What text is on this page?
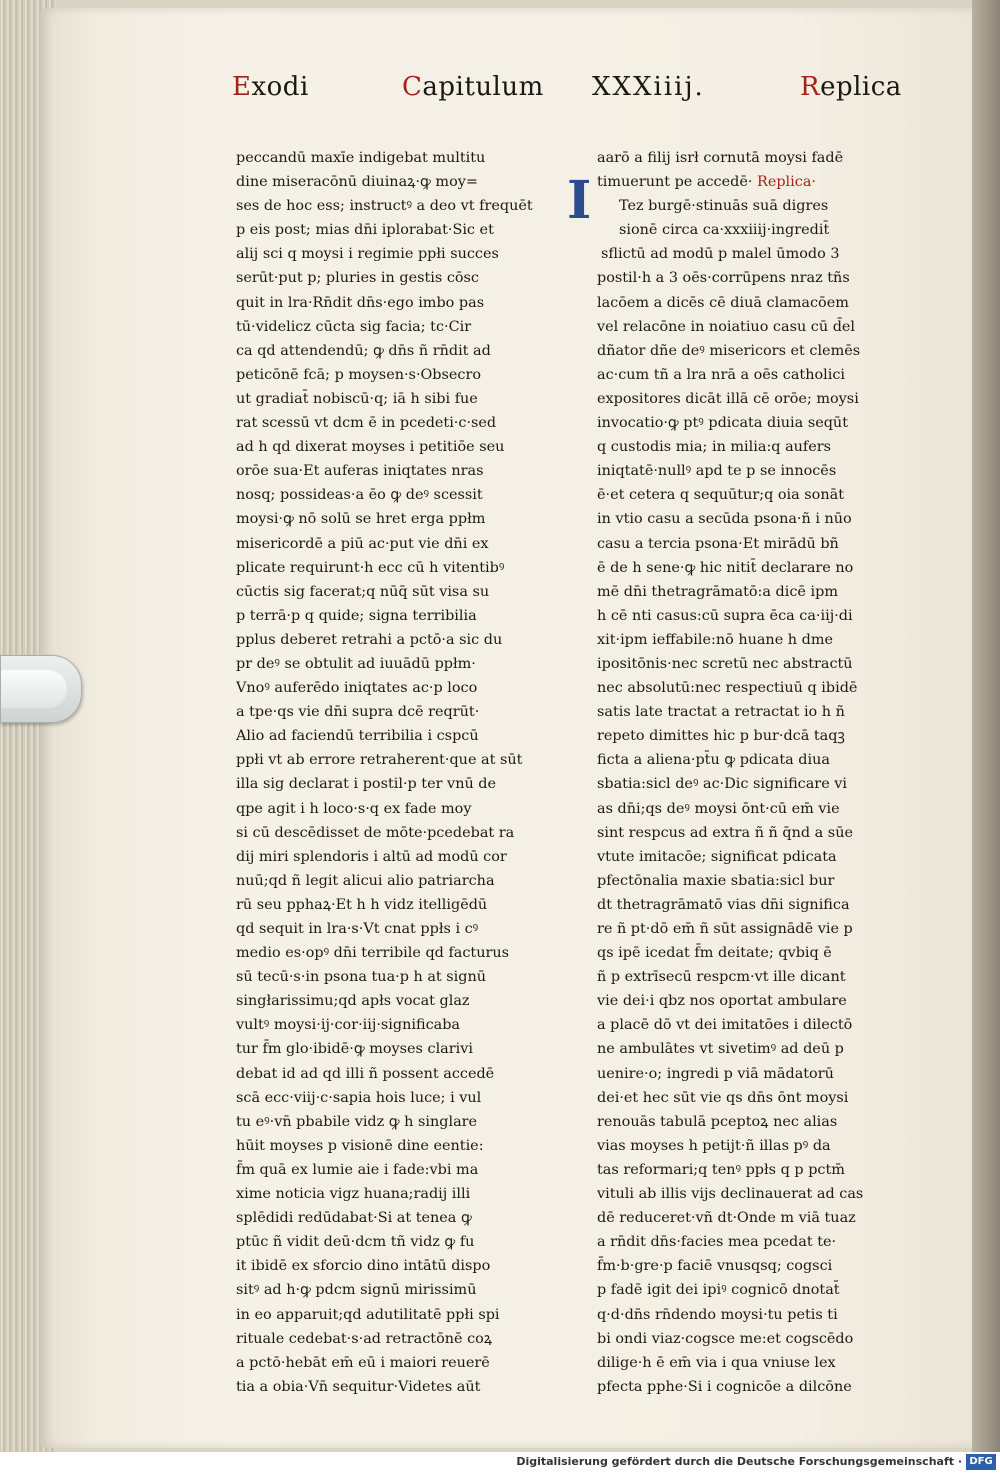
Exodi	Capitulum XXXiiij.	Replica
peccandū maxīe indigebat multitu
dine miseracōnū diuinaꝝ·ꝙ moy=
ses de hoc ess; instructꝰ a deo vt frequēt
p eis post; mias dn̄i iplorabat·Sic et
alij sci q moysi i regimie ppłi succes
serūt·put p; pluries in gestis cōsc
quit in lra·Rn̄dit dn̄s·ego imbo pas
tū·videlicz cūcta sig facia; tc·Cir
ca qd attendendū; ꝙ dn̄s ñ rn̄dit ad
peticōnē fcā; p moysen·s·Obsecro
ut gradiat̄ nobiscū·q; iā h sibi fue
rat scessū vt dcm ē in pcedeti·c·sed
ad h qd dixerat moyses i petitiōe seu
orōe sua·Et auferas iniqtates nras
nosq; possideas·a ēo ꝙ deꝰ scessit
moysi·ꝙ nō solū se hret erga ppłm
misericordē a piū ac·put vie dn̄i ex
plicate requirunt·h ecc cū h vitentibꝰ
cūctis sig facerat;q nūq̄ sūt visa su
p terrā·p q quide; signa terribilia
pplus deberet retrahi a pctō·a sic du
pr deꝰ se obtulit ad iuuādū ppłm·
Vnoꝰ auferēdo iniqtates ac·p loco
a tpe·qs vie dn̄i supra dcē reqrūt·
Alio ad faciendū terribilia i cspcū
ppłi vt ab errore retraherent·que at sūt
illa sig declarat i postil·p ter vnū de
qpe agit i h loco·s·q ex fade moy
si cū descēdisset de mōte·pcedebat ra
dij miri splendoris i altū ad modū cor
nuū;qd ñ legit alicui alio patriarcha
rū seu pphaꝝ·Et h h vidz itelligēdū
qd sequit in lra·s·Vt cnat ppłs i cꝰ
medio es·opꝰ dn̄i terribile qd facturus
sū tecū·s·in psona tua·p h at signū
singłarissimu;qd apłs vocat glaz
vultꝰ moysi·ij·cor·iij·significaba
tur f̄m glo·ibidē·ꝙ moyses clarivi
debat id ad qd illi ñ possent accedē
scā ecc·viij·c·sapia hois luce; i vul
tu eꝰ·vn̄ pbabile vidz ꝙ h singlare
hūit moyses p visionē dine eentie:
f̄m quā ex lumie aie i fade:vbi ma
xime noticia vigz huana;radij illi
splēdidi redūdabat·Si at tenea ꝙ
ptūc ñ vidit deū·dcm tñ vidz ꝙ fu
it ibidē ex sforcio dino intātū dispo
sitꝰ ad h·ꝙ pdcm signū mirissimū
in eo apparuit;qd adutilitatē ppłi spi
rituale cedebat·s·ad retractōnē coꝝ
a pctō·hebāt em̄ eū i maiori reuerē
tia a obia·Vn̄ sequitur·Videtes aūt
aarō a filij isrł cornutā moysi fadē
timuerunt pe accedē· Replica·
Tez burgē·stinuās suā digres
sionē circa ca·xxxiiij·ingredit̄
sflictū ad modū p malel ūmodo 3
postil·h a 3 oēs·corrūpens nraz tñs
lacōem a dicēs cē diuā clamacōem
vel relacōne in noiatiuo casu cū d̄el
dñator dñe deꝰ misericors et clemēs
ac·cum tñ a lra nrā a oēs catholici
expositores dicāt illā cē orōe; moysi
invocatio·ꝙ ptꝰ pdicata diuia seqūt
q custodis mia; in milia:q aufers
iniqtatē·nullꝰ apd te p se innocēs
ē·et cetera q sequūtur;q oia sonāt
in vtio casu a secūda psona·ñ i nūo
casu a tercia psona·Et mirādū bñ
ē de h sene·ꝙ hic nitit̄ declarare no
mē dn̄i thetragrāmatō:a dicē ipm
h cē nti casus:cū supra ēca ca·iij·di
xit·ipm ieffabile:nō huane h dme
ipositōnis·nec scretū nec abstractū
nec absolutū:nec respectiuū q ibidē
satis late tractat a retractat io h ñ
repeto dimittes hic p bur·dcā taqꝫ
ficta a aliena·pt̄u ꝙ pdicata diua
sbatia:sicl deꝰ ac·Dic significare vi
as dn̄i;qs deꝰ moysi ōnt·cū em̄ vie
sint respcus ad extra ñ ñ q̄nd a sūe
vtute imitacōe; significat pdicata
pfectōnalia maxie sbatia:sicl bur
dt thetragrāmatō vias dn̄i significa
re ñ pt·dō em̄ ñ sūt assignādē vie p
qs ipē icedat f̄m deitate; qvbiq ē
ñ p extrīsecū respcm·vt ille dicant
vie dei·i qbz nos oportat ambulare
a placē dō vt dei imitatōes i dilectō
ne ambulātes vt sivetimꝰ ad deū p
uenire·o; ingredi p viā mādatorū
dei·et hec sūt vie qs dn̄s ōnt moysi
renouās tabulā pceptoꝝ nec alias
vias moyses h petijt·ñ illas pꝰ da
tas reformari;q tenꝰ ppłs q p pctm̄
vituli ab illis vijs declinauerat ad cas
dē reduceret·vñ dt·Onde m viā tuaz
a rn̄dit dn̄s·facies mea pcedat te·
f̄m·b·gre·p faciē vnusqsq; cogsci
p fadē igit dei ipiꝰ cognicō dnotat̄
q·d·dn̄s rn̄dendo moysi·tu petis ti
bi ondi viaz·cogsce me:et cogscēdo
dilige·h ē em̄ via i qua vniuse lex
pfecta pphe·Si i cognicōe a dilcōne
I
Digitalisierung gefördert durch die Deutsche Forschungsgemeinschaft · DFG
